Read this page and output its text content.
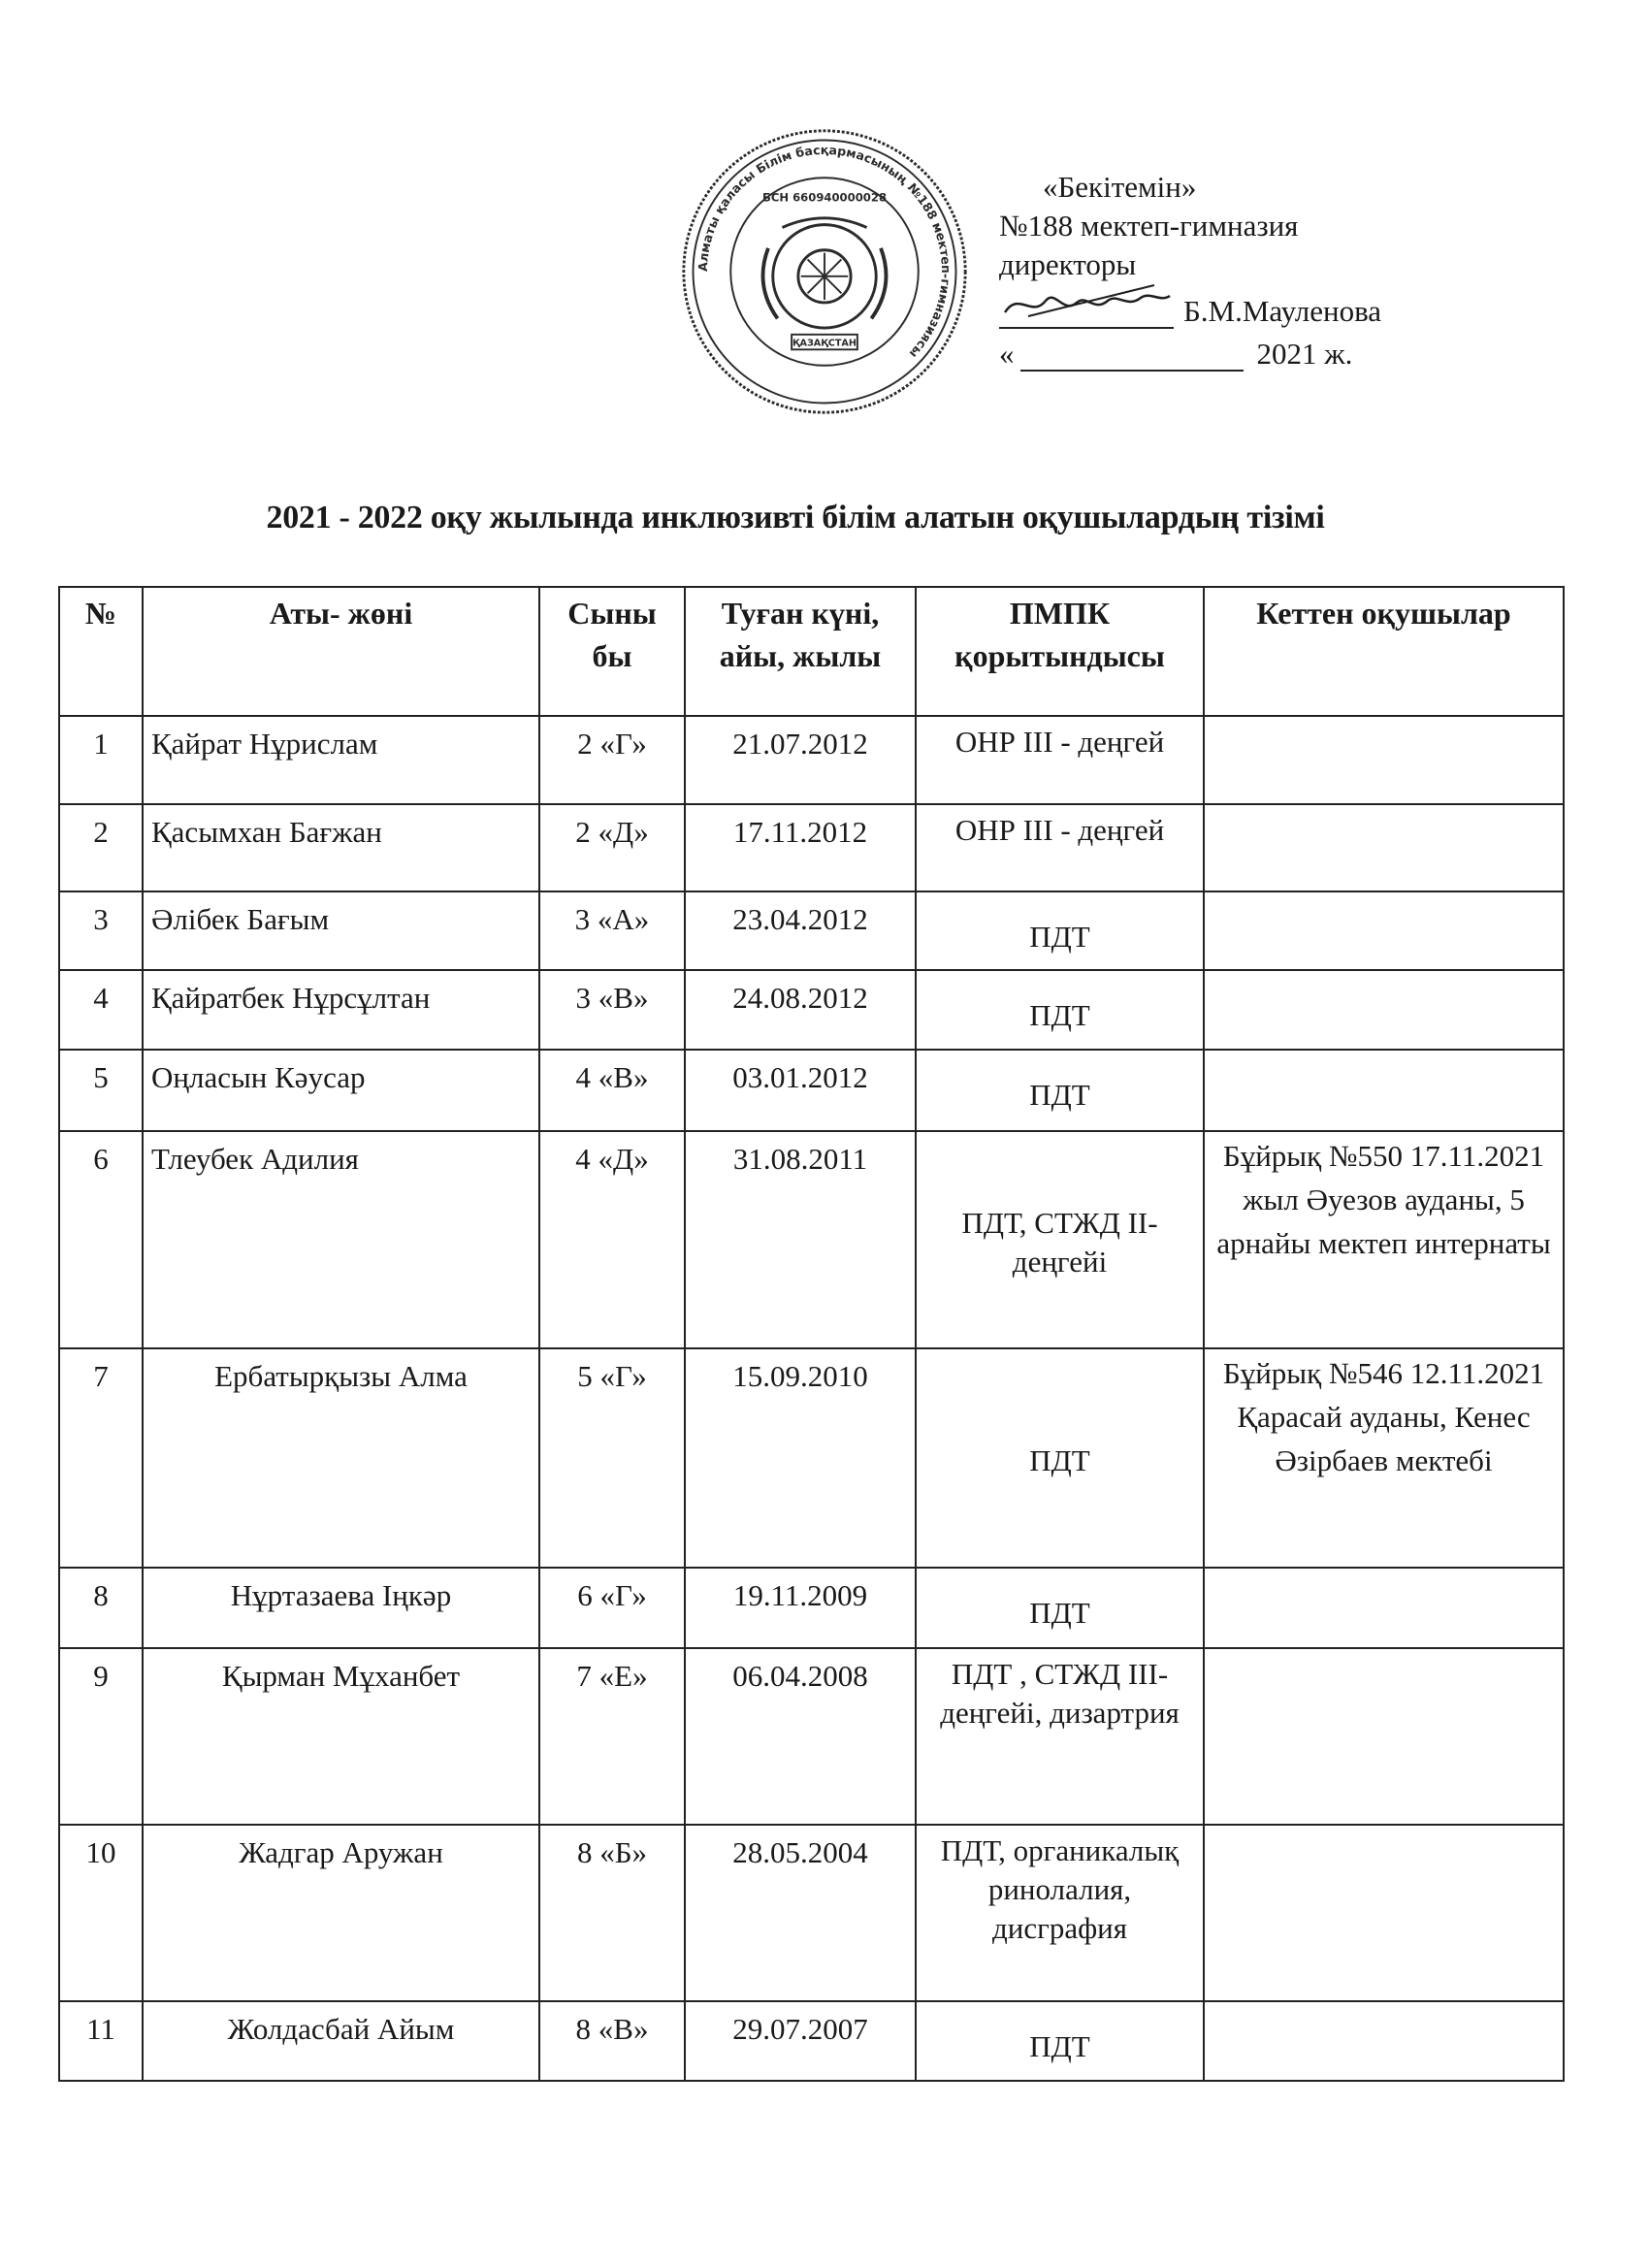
Алматы қаласы Білім басқармасының №188 мектеп-гимназиясы
БСН 660940000028
ҚАЗАҚСТАН
«Бекітемін»
№188 мектеп-гимназия
директоры
Б.М.Мауленова
«	2021 ж.
2021 - 2022 оқу жылында инклюзивті білім алатын оқушылардың тізімі
№	Аты- жөні	Сыны бы	Туған күні, айы, жылы	ПМПК қорытындысы	Кеттен оқушылар
1	Қайрат Нұрислам	2 «Г»	21.07.2012	ОНР III - деңгей	
2	Қасымхан Бағжан	2 «Д»	17.11.2012	ОНР III - деңгей	
3	Әлібек Бағым	3 «А»	23.04.2012	ПДТ	
4	Қайратбек Нұрсұлтан	3 «В»	24.08.2012	ПДТ	
5	Оңласын Кәусар	4 «В»	03.01.2012	ПДТ	
6	Тлеубек Адилия	4 «Д»	31.08.2011	ПДТ, СТЖД II-деңгейі	Бұйрық №550 17.11.2021 жыл Әуезов ауданы, 5 арнайы мектеп интернаты
7	Ербатырқызы Алма	5 «Г»	15.09.2010	ПДТ	Бұйрық №546 12.11.2021 Қарасай ауданы, Кенес Әзірбаев мектебі
8	Нұртазаева Іңкәр	6 «Г»	19.11.2009	ПДТ	
9	Қырман Мұханбет	7 «Е»	06.04.2008	ПДТ , СТЖД III- деңгейі, дизартрия	
10	Жадгар Аружан	8 «Б»	28.05.2004	ПДТ, органикалық ринолалия, дисграфия	
11	Жолдасбай Айым	8 «В»	29.07.2007	ПДТ	
